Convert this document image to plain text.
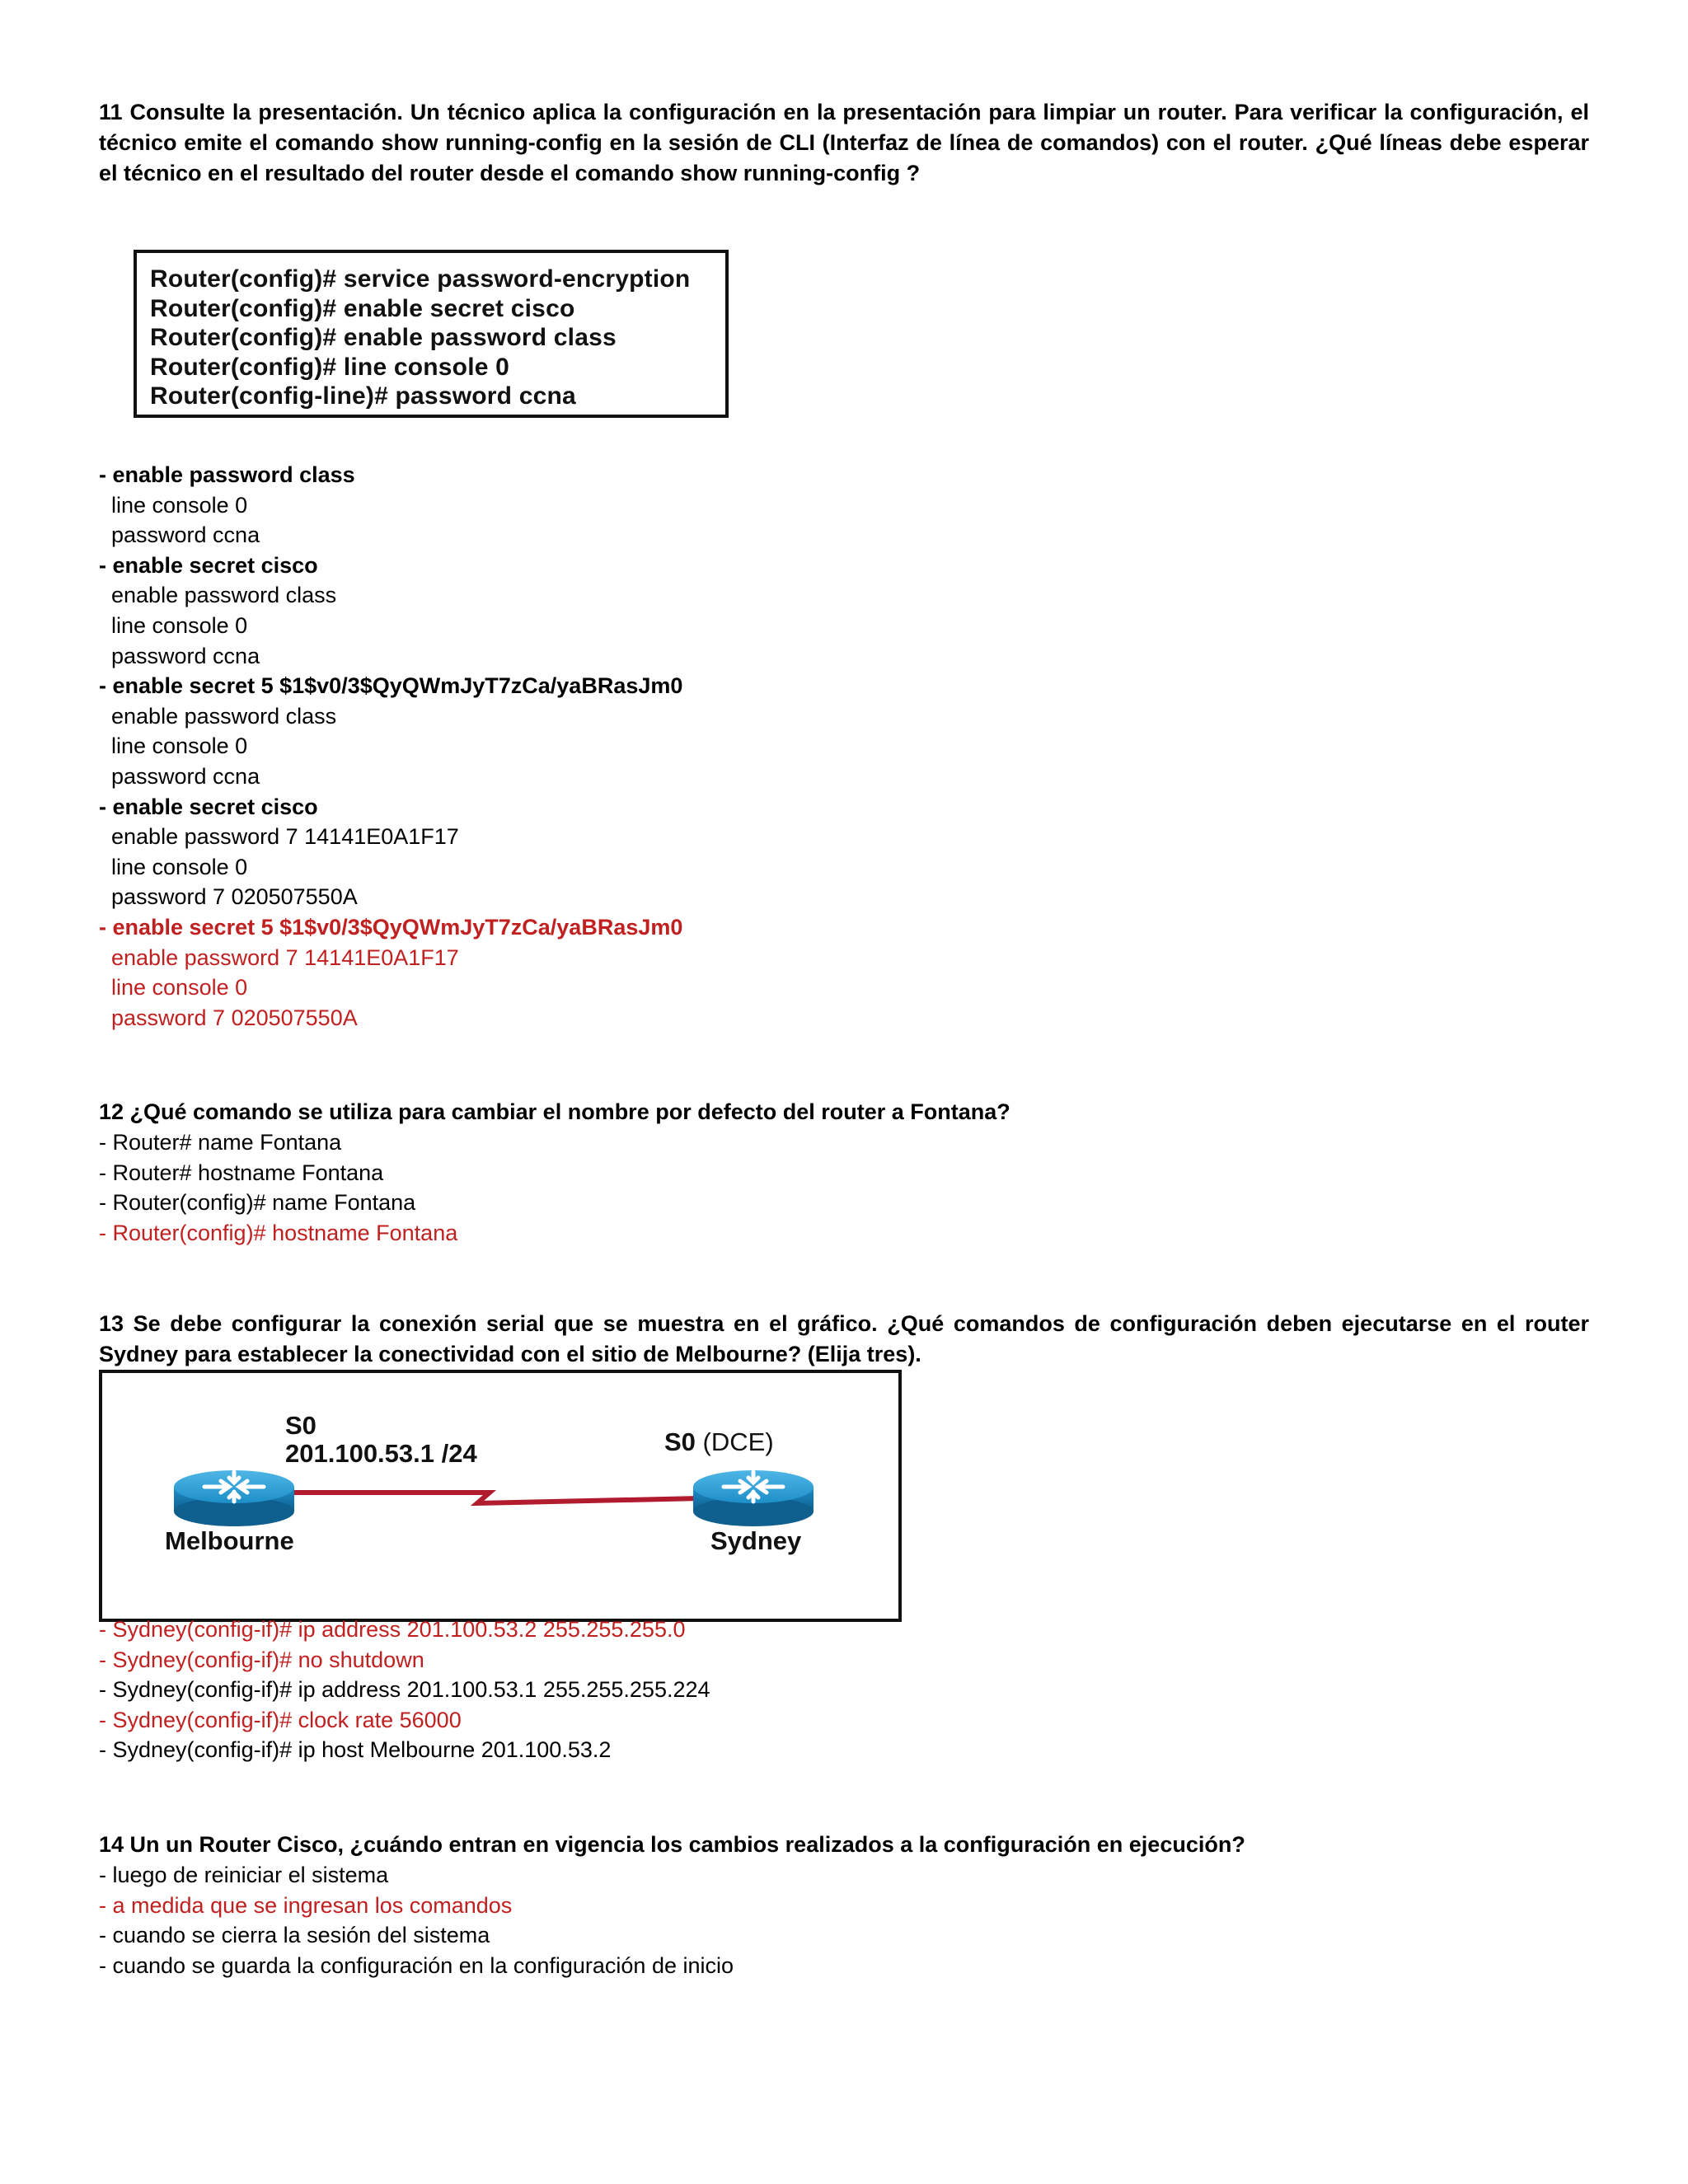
11 Consulte la presentación. Un técnico aplica la configuración en la presentación para limpiar un router. Para verificar la configuración, el técnico emite el comando show running-config en la sesión de CLI (Interfaz de línea de comandos) con el router. ¿Qué líneas debe esperar el técnico en el resultado del router desde el comando show running-config ?

Router(config)# service password-encryption
Router(config)# enable secret cisco
Router(config)# enable password class
Router(config)# line console 0
Router(config-line)# password ccna
- enable password class
line console 0
password ccna
- enable secret cisco
enable password class
line console 0
password ccna
- enable secret 5 $1$v0/3$QyQWmJyT7zCa/yaBRasJm0
enable password class
line console 0
password ccna
- enable secret cisco
enable password 7 14141E0A1F17
line console 0
password 7 020507550A
- enable secret 5 $1$v0/3$QyQWmJyT7zCa/yaBRasJm0
enable password 7 14141E0A1F17
line console 0
password 7 020507550A

12 ¿Qué comando se utiliza para cambiar el nombre por defecto del router a Fontana?

- Router# name Fontana
- Router# hostname Fontana
- Router(config)# name Fontana
- Router(config)# hostname Fontana

13 Se debe configurar la conexión serial que se muestra en el gráfico. ¿Qué comandos de configuración deben ejecutarse en el router Sydney para establecer la conectividad con el sitio de Melbourne? (Elija tres).

S0
201.100.53.1 /24
Melbourne
S0 (DCE)
Sydney
- Sydney(config-if)# ip address 201.100.53.2 255.255.255.0
- Sydney(config-if)# no shutdown
- Sydney(config-if)# ip address 201.100.53.1 255.255.255.224
- Sydney(config-if)# clock rate 56000
- Sydney(config-if)# ip host Melbourne 201.100.53.2

14 Un un Router Cisco, ¿cuándo entran en vigencia los cambios realizados a la configuración en ejecución?

- luego de reiniciar el sistema
- a medida que se ingresan los comandos
- cuando se cierra la sesión del sistema
- cuando se guarda la configuración en la configuración de inicio
